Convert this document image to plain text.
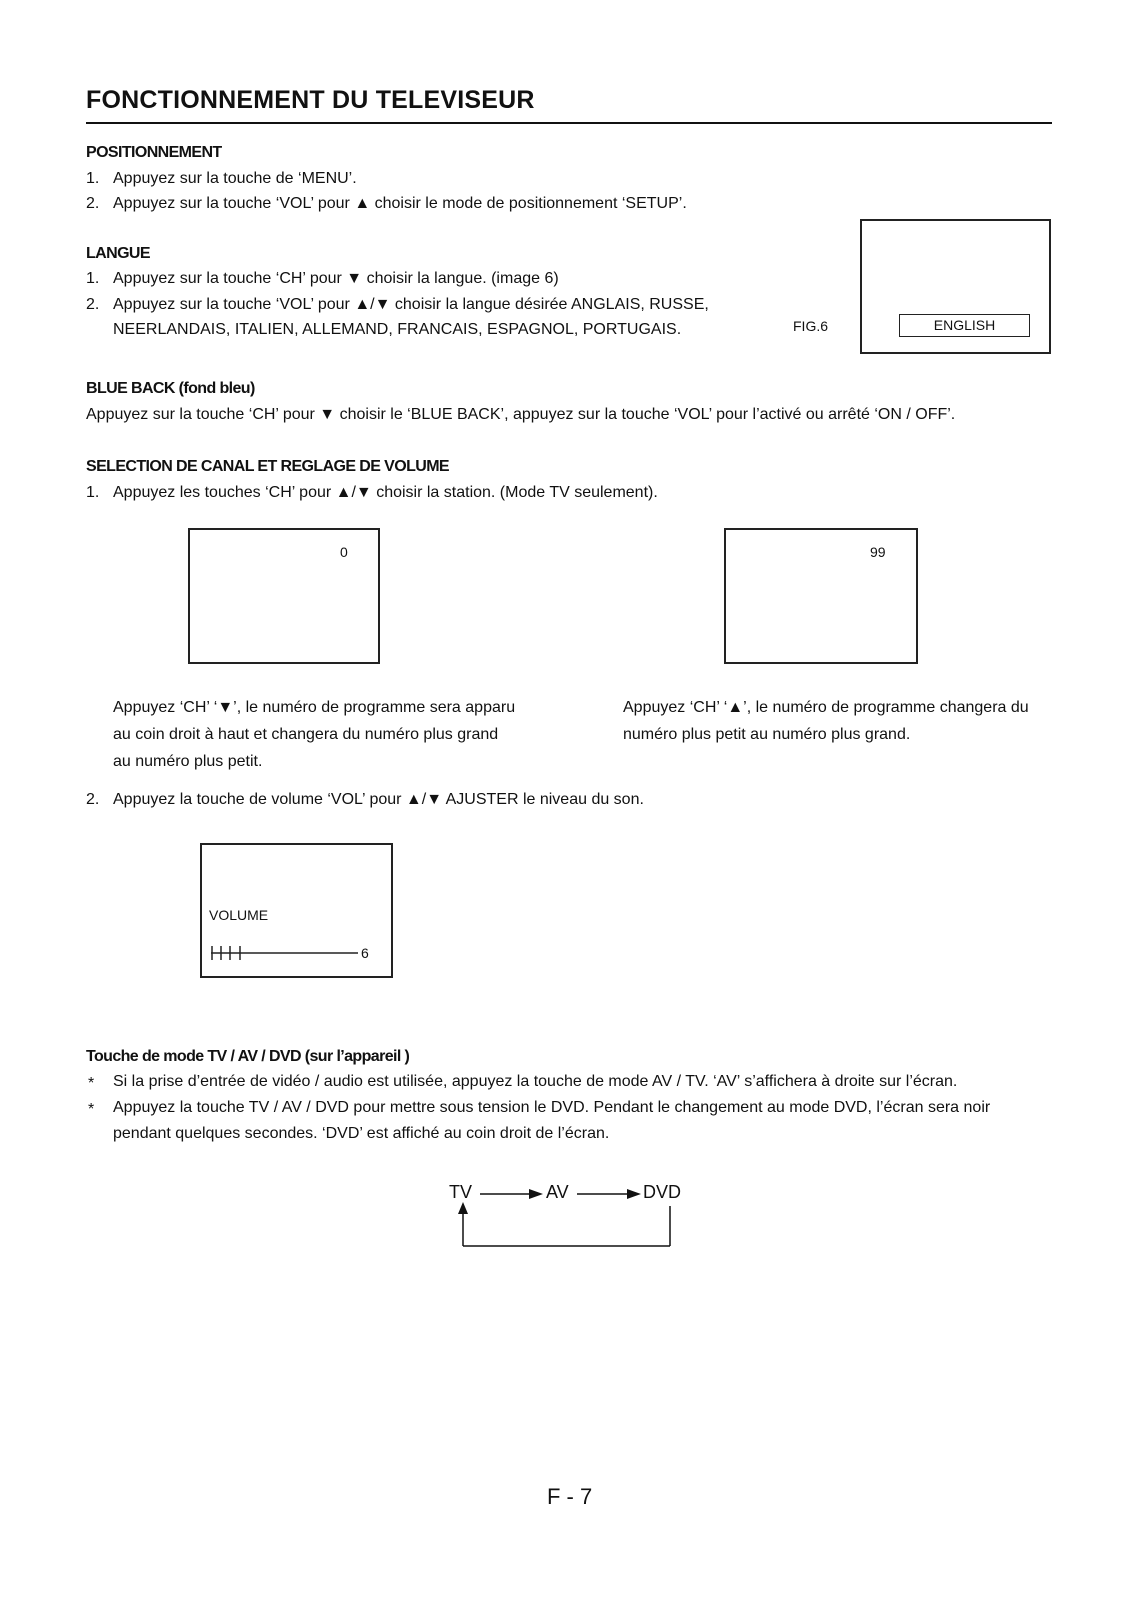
FONCTIONNEMENT DU TELEVISEUR
POSITIONNEMENT
1. Appuyez sur la touche de ‘MENU’.
2. Appuyez sur la touche ‘VOL’ pour ▲ choisir le mode de positionnement ‘SETUP’.
LANGUE
1. Appuyez sur la touche ‘CH’ pour ▼ choisir la langue. (image 6)
2. Appuyez sur la touche ‘VOL’ pour ▲/▼ choisir la langue désirée ANGLAIS, RUSSE,
NEERLANDAIS, ITALIEN, ALLEMAND, FRANCAIS, ESPAGNOL, PORTUGAIS.	FIG.6	ENGLISH
BLUE BACK (fond bleu)
Appuyez sur la touche ‘CH’ pour ▼ choisir le ‘BLUE BACK’, appuyez sur la touche ‘VOL’ pour l’activé ou arrêté ‘ON / OFF’.
SELECTION DE CANAL ET REGLAGE DE VOLUME
1. Appuyez les touches ‘CH’ pour ▲/▼ choisir la station. (Mode TV seulement).
0	99
Appuyez ‘CH’ ‘▼’, le numéro de programme sera apparu
au coin droit à haut et changera du numéro plus grand
au numéro plus petit.
Appuyez ‘CH’ ‘▲’, le numéro de programme changera du
numéro plus petit au numéro plus grand.
2. Appuyez la touche de volume ‘VOL’ pour ▲/▼ AJUSTER le niveau du son.
VOLUME
6
Touche de mode TV / AV / DVD (sur l’appareil )
* Si la prise d’entrée de vidéo / audio est utilisée, appuyez la touche de mode AV / TV. ‘AV’ s’affichera à droite sur l’écran.
* Appuyez la touche TV / AV / DVD pour mettre sous tension le DVD. Pendant le changement au mode DVD, l’écran sera noir
pendant quelques secondes. ‘DVD’ est affiché au coin droit de l’écran.
TV	AV	DVD
F - 7
